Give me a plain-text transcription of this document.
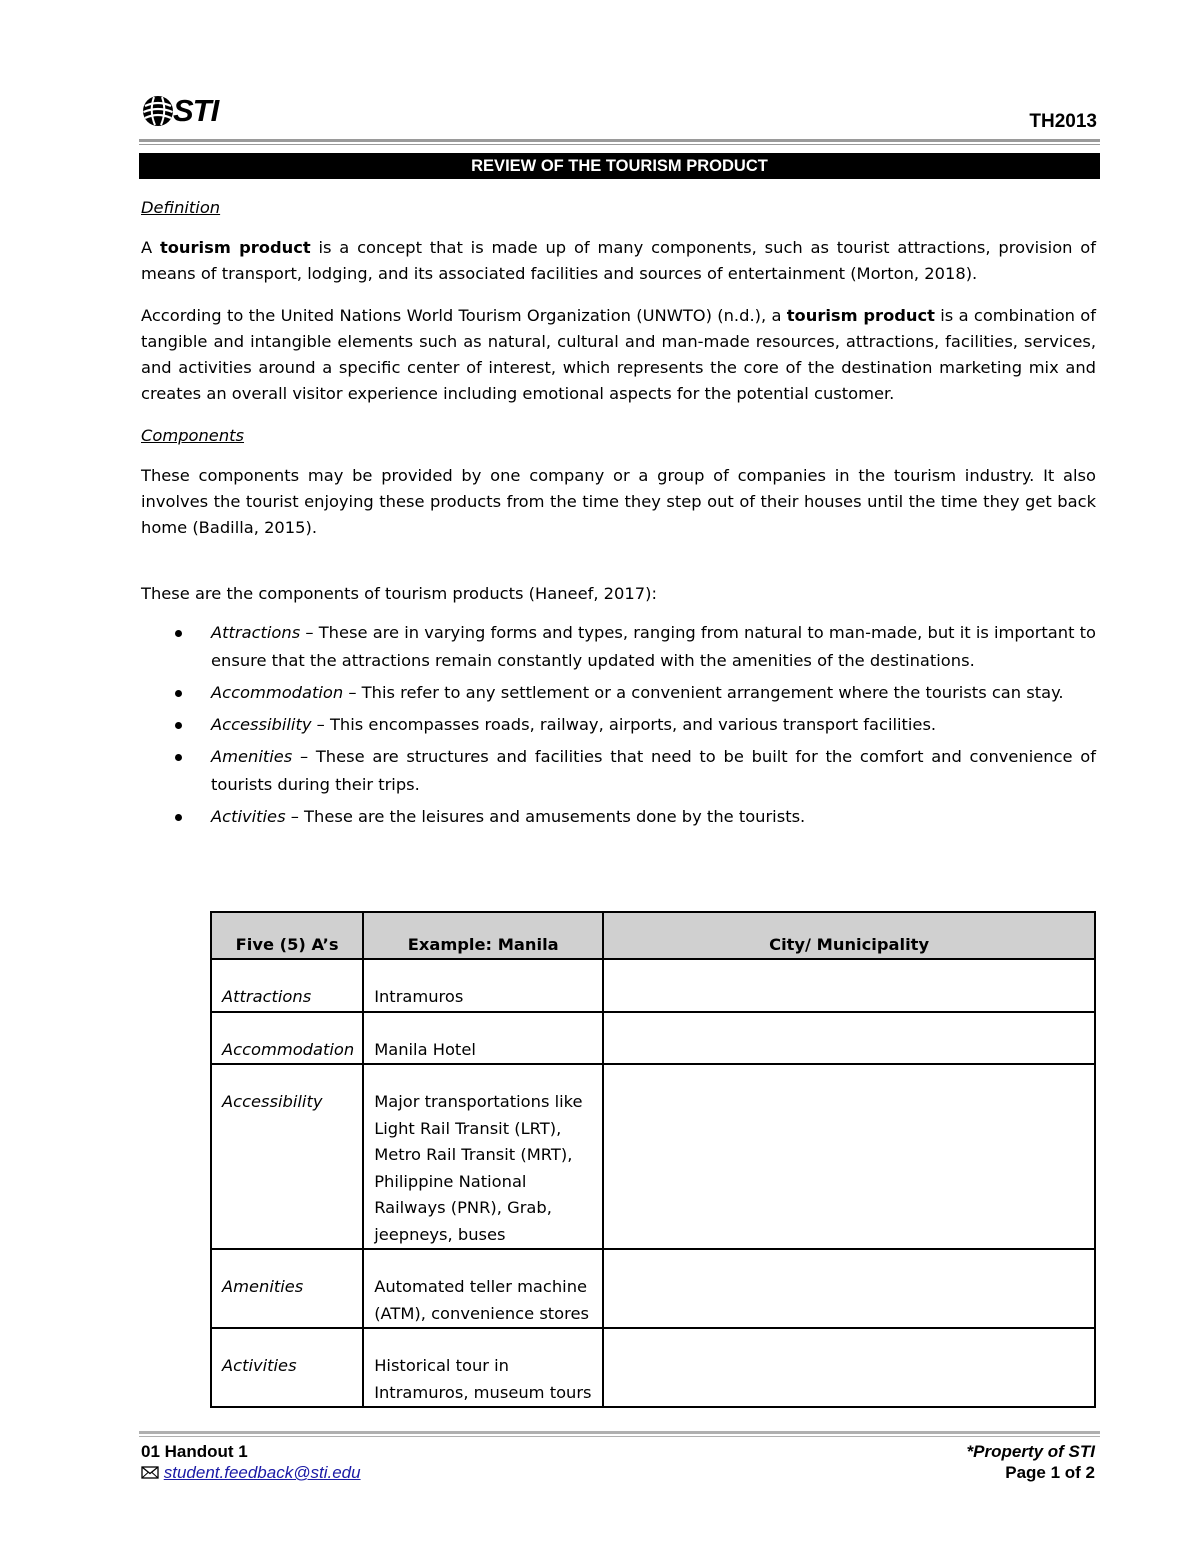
STI	TH2013
REVIEW OF THE TOURISM PRODUCT
Definition

A tourism product is a concept that is made up of many components, such as tourist attractions, provision of means of transport, lodging, and its associated facilities and sources of entertainment (Morton, 2018).

According to the United Nations World Tourism Organization (UNWTO) (n.d.), a tourism product is a combination of tangible and intangible elements such as natural, cultural and man-made resources, attractions, facilities, services, and activities around a specific center of interest, which represents the core of the destination marketing mix and creates an overall visitor experience including emotional aspects for the potential customer.

Components

These components may be provided by one company or a group of companies in the tourism industry. It also involves the tourist enjoying these products from the time they step out of their houses until the time they get back home (Badilla, 2015).

These are the components of tourism products (Haneef, 2017):

Attractions – These are in varying forms and types, ranging from natural to man-made, but it is important to ensure that the attractions remain constantly updated with the amenities of the destinations.
Accommodation – This refer to any settlement or a convenient arrangement where the tourists can stay.
Accessibility – This encompasses roads, railway, airports, and various transport facilities.
Amenities – These are structures and facilities that need to be built for the comfort and convenience of tourists during their trips.
Activities – These are the leisures and amusements done by the tourists.
Five (5) A’s	Example: Manila	City/ Municipality
Attractions	Intramuros	
Accommodation	Manila Hotel	
Accessibility	Major transportations like Light Rail Transit (LRT), Metro Rail Transit (MRT), Philippine National Railways (PNR), Grab, jeepneys, buses	
Amenities	Automated teller machine (ATM), convenience stores	
Activities	Historical tour in Intramuros, museum tours	
01 Handout 1
student.feedback@sti.edu
*Property of STI
Page 1 of 2
